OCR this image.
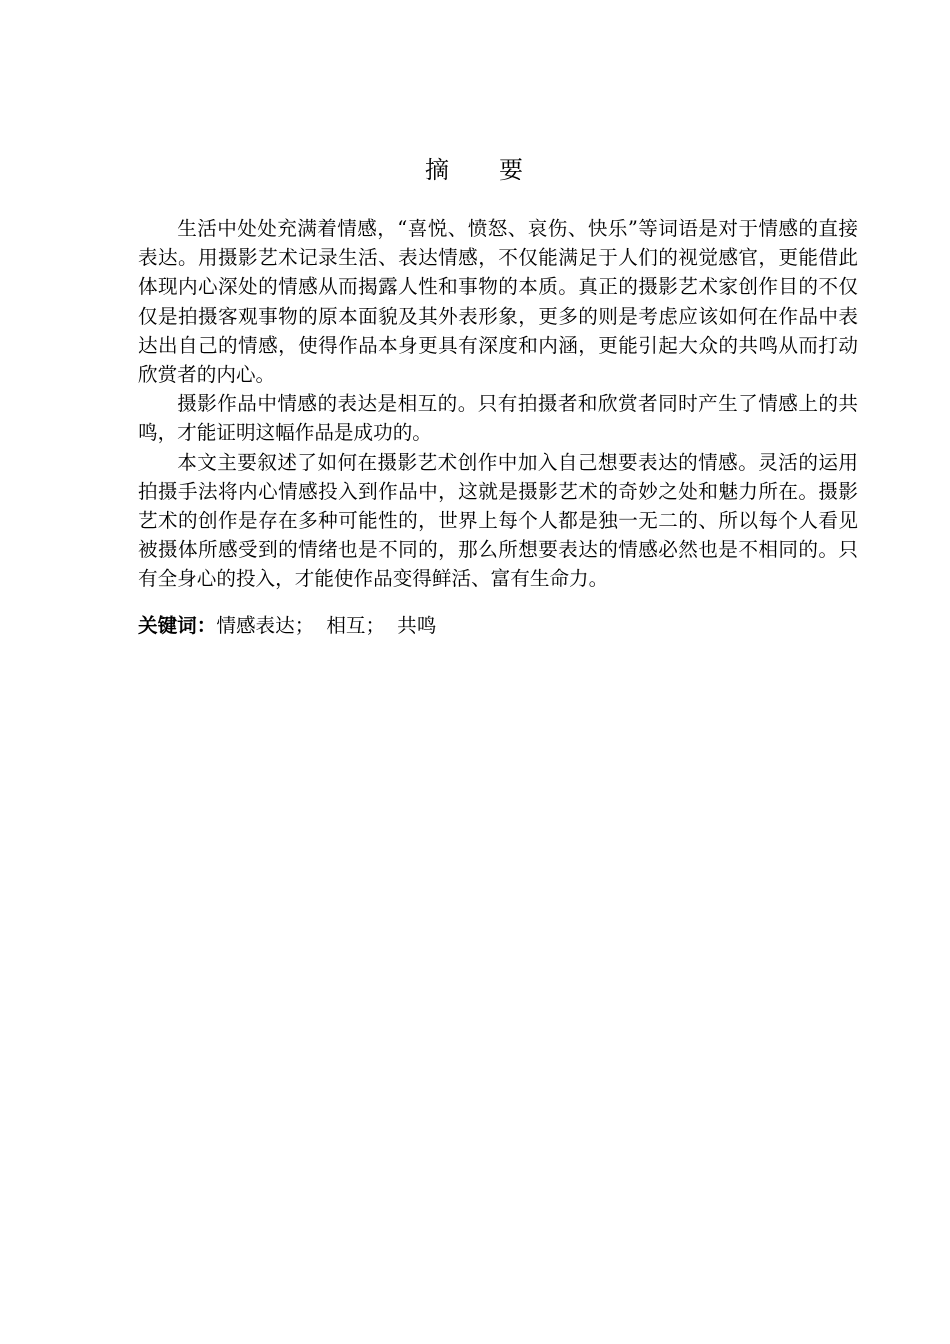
摘 要

生活中处处充满着情感，“喜悦、愤怒、哀伤、快乐”等词语是对于情感的直接表达。用摄影艺术记录生活、表达情感，不仅能满足于人们的视觉感官，更能借此体现内心深处的情感从而揭露人性和事物的本质。真正的摄影艺术家创作目的不仅仅是拍摄客观事物的原本面貌及其外表形象，更多的则是考虑应该如何在作品中表达出自己的情感，使得作品本身更具有深度和内涵，更能引起大众的共鸣从而打动欣赏者的内心。

摄影作品中情感的表达是相互的。只有拍摄者和欣赏者同时产生了情感上的共鸣，才能证明这幅作品是成功的。

本文主要叙述了如何在摄影艺术创作中加入自己想要表达的情感。灵活的运用拍摄手法将内心情感投入到作品中，这就是摄影艺术的奇妙之处和魅力所在。摄影艺术的创作是存在多种可能性的，世界上每个人都是独一无二的、所以每个人看见被摄体所感受到的情绪也是不同的，那么所想要表达的情感必然也是不相同的。只有全身心的投入，才能使作品变得鲜活、富有生命力。

关键词：情感表达； 相互； 共鸣
